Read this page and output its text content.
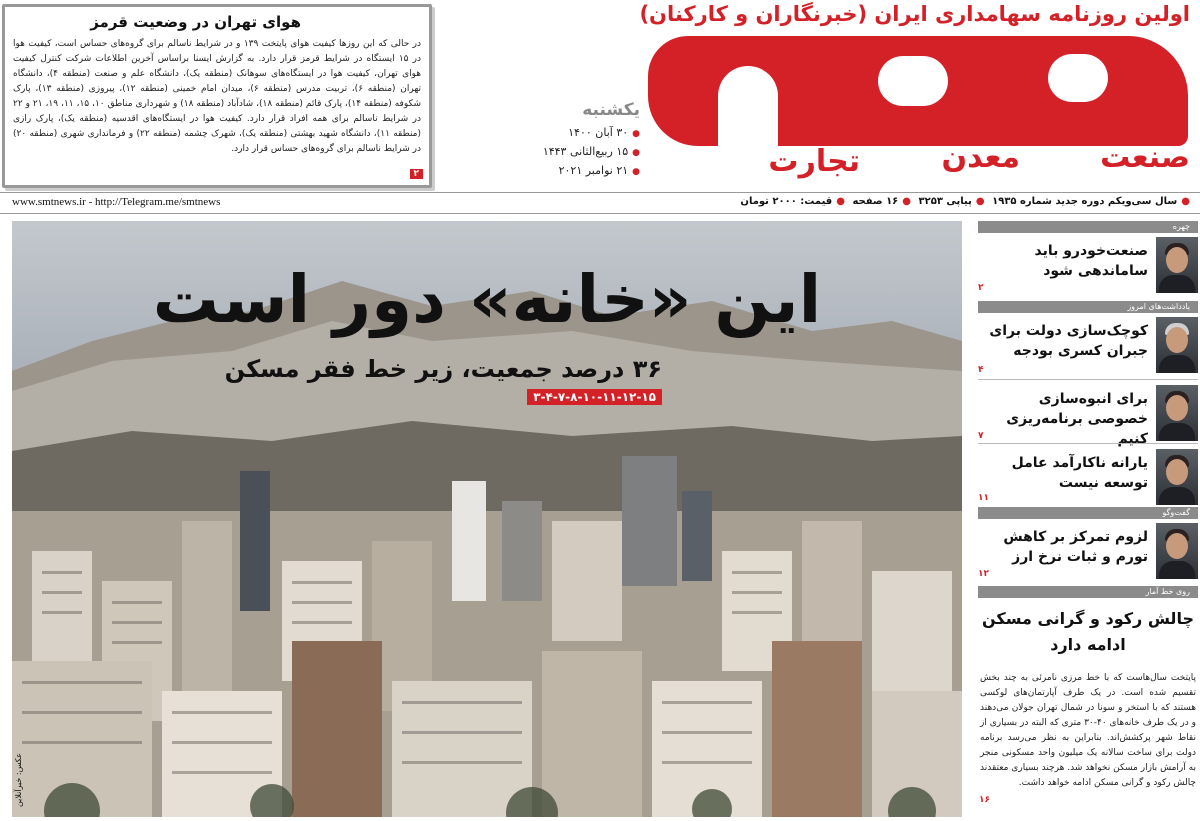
اولین روزنامه سهامداری ایران (خبرنگاران و کارکنان)
صنعت
معدن
تجارت
یکشنبه
● ۳۰ آبان ۱۴۰۰
● ۱۵ ربیع‌الثانی ۱۴۴۳
● ۲۱ نوامبر ۲۰۲۱
هوای تهران در وضعیت قرمز
در حالی که این روزها کیفیت هوای پایتخت ۱۳۹ و در شرایط ناسالم برای گروه‌های حساس است، کیفیت هوا در ۱۵ ایستگاه در شرایط قرمز قرار دارد. به گزارش ایسنا براساس آخرین اطلاعات شرکت کنترل کیفیت هوای تهران، کیفیت هوا در ایستگاه‌های سوهانک (منطقه یک)، دانشگاه علم و صنعت (منطقه ۴)، دانشگاه تهران (منطقه ۶)، تربیت مدرس (منطقه ۶)، میدان امام خمینی (منطقه ۱۲)، پیروزی (منطقه ۱۳)، پارک شکوفه (منطقه ۱۴)، پارک قائم (منطقه ۱۸)، شادآباد (منطقه ۱۸) و شهرداری مناطق ۱۰، ۱۵، ۱۱، ۱۹، ۲۱ و ۲۲ در شرایط ناسالم برای همه افراد قرار دارد. کیفیت هوا در ایستگاه‌های اقدسیه (منطقه یک)، پارک رازی (منطقه ۱۱)، دانشگاه شهید بهشتی (منطقه یک)، شهرک چشمه (منطقه ۲۲) و فرمانداری شهری (منطقه ۲۰) در شرایط ناسالم برای گروه‌های حساس قرار دارد.
۲
●سال سی‌ویکم دوره جدید شماره ۱۹۳۵ ●پیاپی ۳۲۵۳ ●۱۶ صفحه ●قیمت: ۲۰۰۰ تومان
www.smtnews.ir - http://Telegram.me/smtnews
این «خانه» دور است
۳۶ درصد جمعیت، زیر خط فقر مسکن
۳-۴-۷-۸-۱۰-۱۱-۱۲-۱۵
عکس: خبرآنلاین
چهره
صنعت‌خودرو باید ساماندهی شود
۲
یادداشت‌های امروز
کوچک‌سازی دولت برای جبران کسری بودجه
۴
برای انبوه‌سازی خصوصی برنامه‌ریزی کنیم
۷
یارانه ناکارآمد عامل توسعه نیست
۱۱
گفت‌و‌گو
لزوم تمرکز بر کاهش تورم و ثبات نرخ ارز
۱۲
روی خط آمار
چالش رکود و گرانی مسکن ادامه دارد
پایتخت سال‌هاست که با خط مرزی نامرئی به چند بخش تقسیم شده است. در یک طرف آپارتمان‌های لوکسی هستند که با استخر و سونا در شمال تهران جولان می‌دهند و در یک طرف خانه‌های ۴۰-۳۰ متری که البته در بسیاری از نقاط شهر پرکشش‌اند. بنابراین به نظر می‌رسد برنامه دولت برای ساخت سالانه یک میلیون واحد مسکونی منجر به آرامش بازار مسکن نخواهد شد. هرچند بسیاری معتقدند چالش رکود و گرانی مسکن ادامه خواهد داشت.
۱۶
